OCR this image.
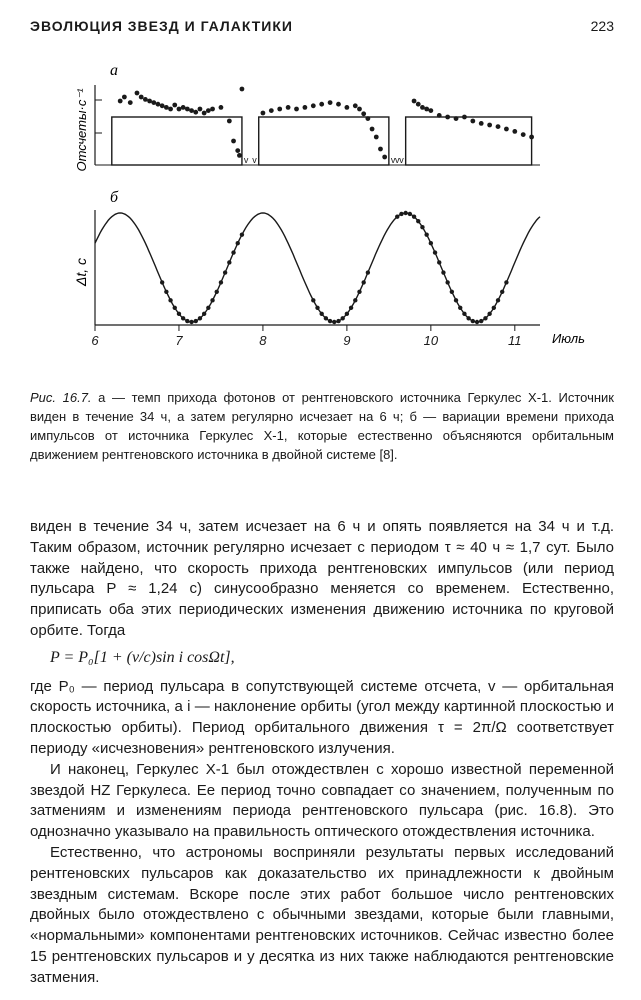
ЭВОЛЮЦИЯ ЗВЕЗД И ГАЛАКТИКИ	223
а
Отсчеты·с⁻¹	v v	v v v
б
Δt, с
6	7	8	9	10	11 Июль
Рис. 16.7. а — темп прихода фотонов от рентгеновского источника Геркулес Х-1. Источник виден в течение 34 ч, а затем регулярно исчезает на 6 ч; б — вариации времени прихода импульсов от источника Геркулес Х-1, которые естественно объясняются орбитальным движением рентгеновского источника в двойной системе [8].

виден в течение 34 ч, затем исчезает на 6 ч и опять появляется на 34 ч и т.д. Таким образом, источник регулярно исчезает с периодом τ ≈ 40 ч ≈ 1,7 сут. Было также найдено, что скорость прихода рентгеновских импульсов (или период пульсара P ≈ 1,24 с) синусообразно меняется со временем. Естественно, приписать оба этих периодических изменения движению источника по круговой орбите. Тогда

P = P₀[1 + (v/c)sin i cosΩt],

где P₀ — период пульсара в сопутствующей системе отсчета, v — орбитальная скорость источника, а i — наклонение орбиты (угол между картинной плоскостью и плоскостью орбиты). Период орбитального движения τ = 2π/Ω соответствует периоду «исчезновения» рентгеновского излучения.

И наконец, Геркулес Х-1 был отождествлен с хорошо известной переменной звездой HZ Геркулеса. Ее период точно совпадает со значением, полученным по затмениям и изменениям периода рентгеновского пульсара (рис. 16.8). Это однозначно указывало на правильность оптического отождествления источника.

Естественно, что астрономы восприняли результаты первых исследований рентгеновских пульсаров как доказательство их принадлежности к двойным звездным системам. Вскоре после этих работ большое число рентгеновских двойных было отождествлено с обычными звездами, которые были главными, «нормальными» компонентами рентгеновских источников. Сейчас известно более 15 рентгеновских пульсаров и у десятка из них также наблюдаются рентгеновские затмения.
